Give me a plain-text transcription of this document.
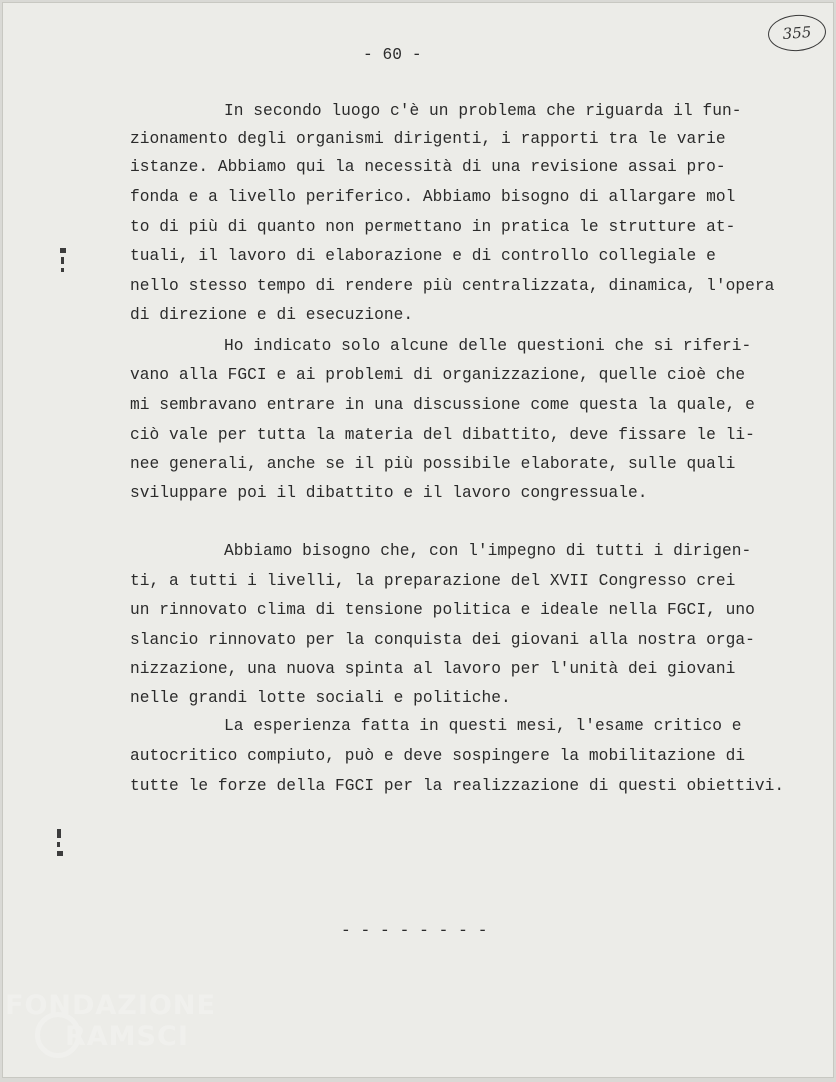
- 60 -
355
In secondo luogo c'è un problema che riguarda il fun-
zionamento degli organismi dirigenti, i rapporti tra le varie
istanze. Abbiamo qui la necessità di una revisione assai pro-
fonda e a livello periferico. Abbiamo bisogno di allargare mol
to di più di quanto non permettano in pratica le strutture at-
tuali, il lavoro di elaborazione e di controllo collegiale e
nello stesso tempo di rendere più centralizzata, dinamica, l'opera
di direzione e di esecuzione.
Ho indicato solo alcune delle questioni che si riferi-
vano alla FGCI e ai problemi di organizzazione, quelle cioè che
mi sembravano entrare in una discussione come questa la quale, e
ciò vale per tutta la materia del dibattito, deve fissare le li-
nee generali, anche se il più possibile elaborate, sulle quali
sviluppare poi il dibattito e il lavoro congressuale.
Abbiamo bisogno che, con l'impegno di tutti i dirigen-
ti, a tutti i livelli, la preparazione del XVII Congresso crei
un rinnovato clima di tensione politica e ideale nella FGCI, uno
slancio rinnovato per la conquista dei giovani alla nostra orga-
nizzazione, una nuova spinta al lavoro per l'unità dei giovani
nelle grandi lotte sociali e politiche.
La esperienza fatta in questi mesi, l'esame critico e
autocritico compiuto, può e deve sospingere la mobilitazione di
tutte le forze della FGCI per la realizzazione di questi obiettivi.
- - - - - - - -
FONDAZIONE
RAMSCI
